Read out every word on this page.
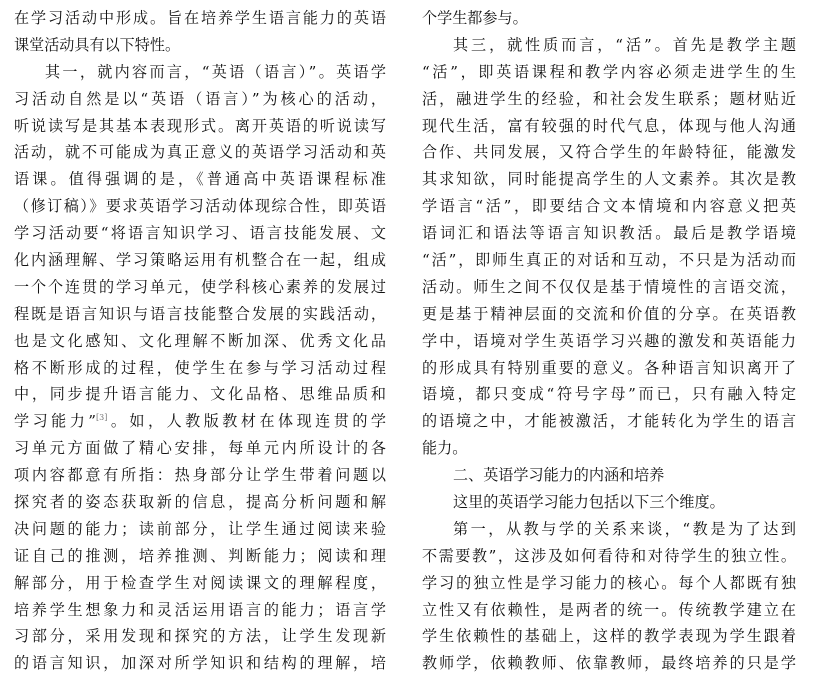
在学习活动中形成。旨在培养学生语言能力的英语
课堂活动具有以下特性。
其一，就内容而言，“英语（语言）”。英语学
习活动自然是以“英语（语言）”为核心的活动，
听说读写是其基本表现形式。离开英语的听说读写
活动，就不可能成为真正意义的英语学习活动和英
语课。值得强调的是，《普通高中英语课程标准
（修订稿）》要求英语学习活动体现综合性，即英语
学习活动要“将语言知识学习、语言技能发展、文
化内涵理解、学习策略运用有机整合在一起，组成
一个个连贯的学习单元，使学科核心素养的发展过
程既是语言知识与语言技能整合发展的实践活动，
也是文化感知、文化理解不断加深、优秀文化品
格不断形成的过程，使学生在参与学习活动过程
中，同步提升语言能力、文化品格、思维品质和
学习能力”[3]。如，人教版教材在体现连贯的学
习单元方面做了精心安排，每单元内所设计的各
项内容都意有所指：热身部分让学生带着问题以
探究者的姿态获取新的信息，提高分析问题和解
决问题的能力；读前部分，让学生通过阅读来验
证自己的推测，培养推测、判断能力；阅读和理
解部分，用于检查学生对阅读课文的理解程度，
培养学生想象力和灵活运用语言的能力；语言学
习部分，采用发现和探究的方法，让学生发现新
的语言知识，加深对所学知识和结构的理解，培
个学生都参与。
其三，就性质而言，“活”。首先是教学主题
“活”，即英语课程和教学内容必须走进学生的生
活，融进学生的经验，和社会发生联系；题材贴近
现代生活，富有较强的时代气息，体现与他人沟通
合作、共同发展，又符合学生的年龄特征，能激发
其求知欲，同时能提高学生的人文素养。其次是教
学语言“活”，即要结合文本情境和内容意义把英
语词汇和语法等语言知识教活。最后是教学语境
“活”，即师生真正的对话和互动，不只是为活动而
活动。师生之间不仅仅是基于情境性的言语交流，
更是基于精神层面的交流和价值的分享。在英语教
学中，语境对学生英语学习兴趣的激发和英语能力
的形成具有特别重要的意义。各种语言知识离开了
语境，都只变成“符号字母”而已，只有融入特定
的语境之中，才能被激活，才能转化为学生的语言
能力。
二、英语学习能力的内涵和培养
这里的英语学习能力包括以下三个维度。
第一，从教与学的关系来谈，“教是为了达到
不需要教”，这涉及如何看待和对待学生的独立性。
学习的独立性是学习能力的核心。每个人都既有独
立性又有依赖性，是两者的统一。传统教学建立在
学生依赖性的基础上，这样的教学表现为学生跟着
教师学，依赖教师、依靠教师，最终培养的只是学
